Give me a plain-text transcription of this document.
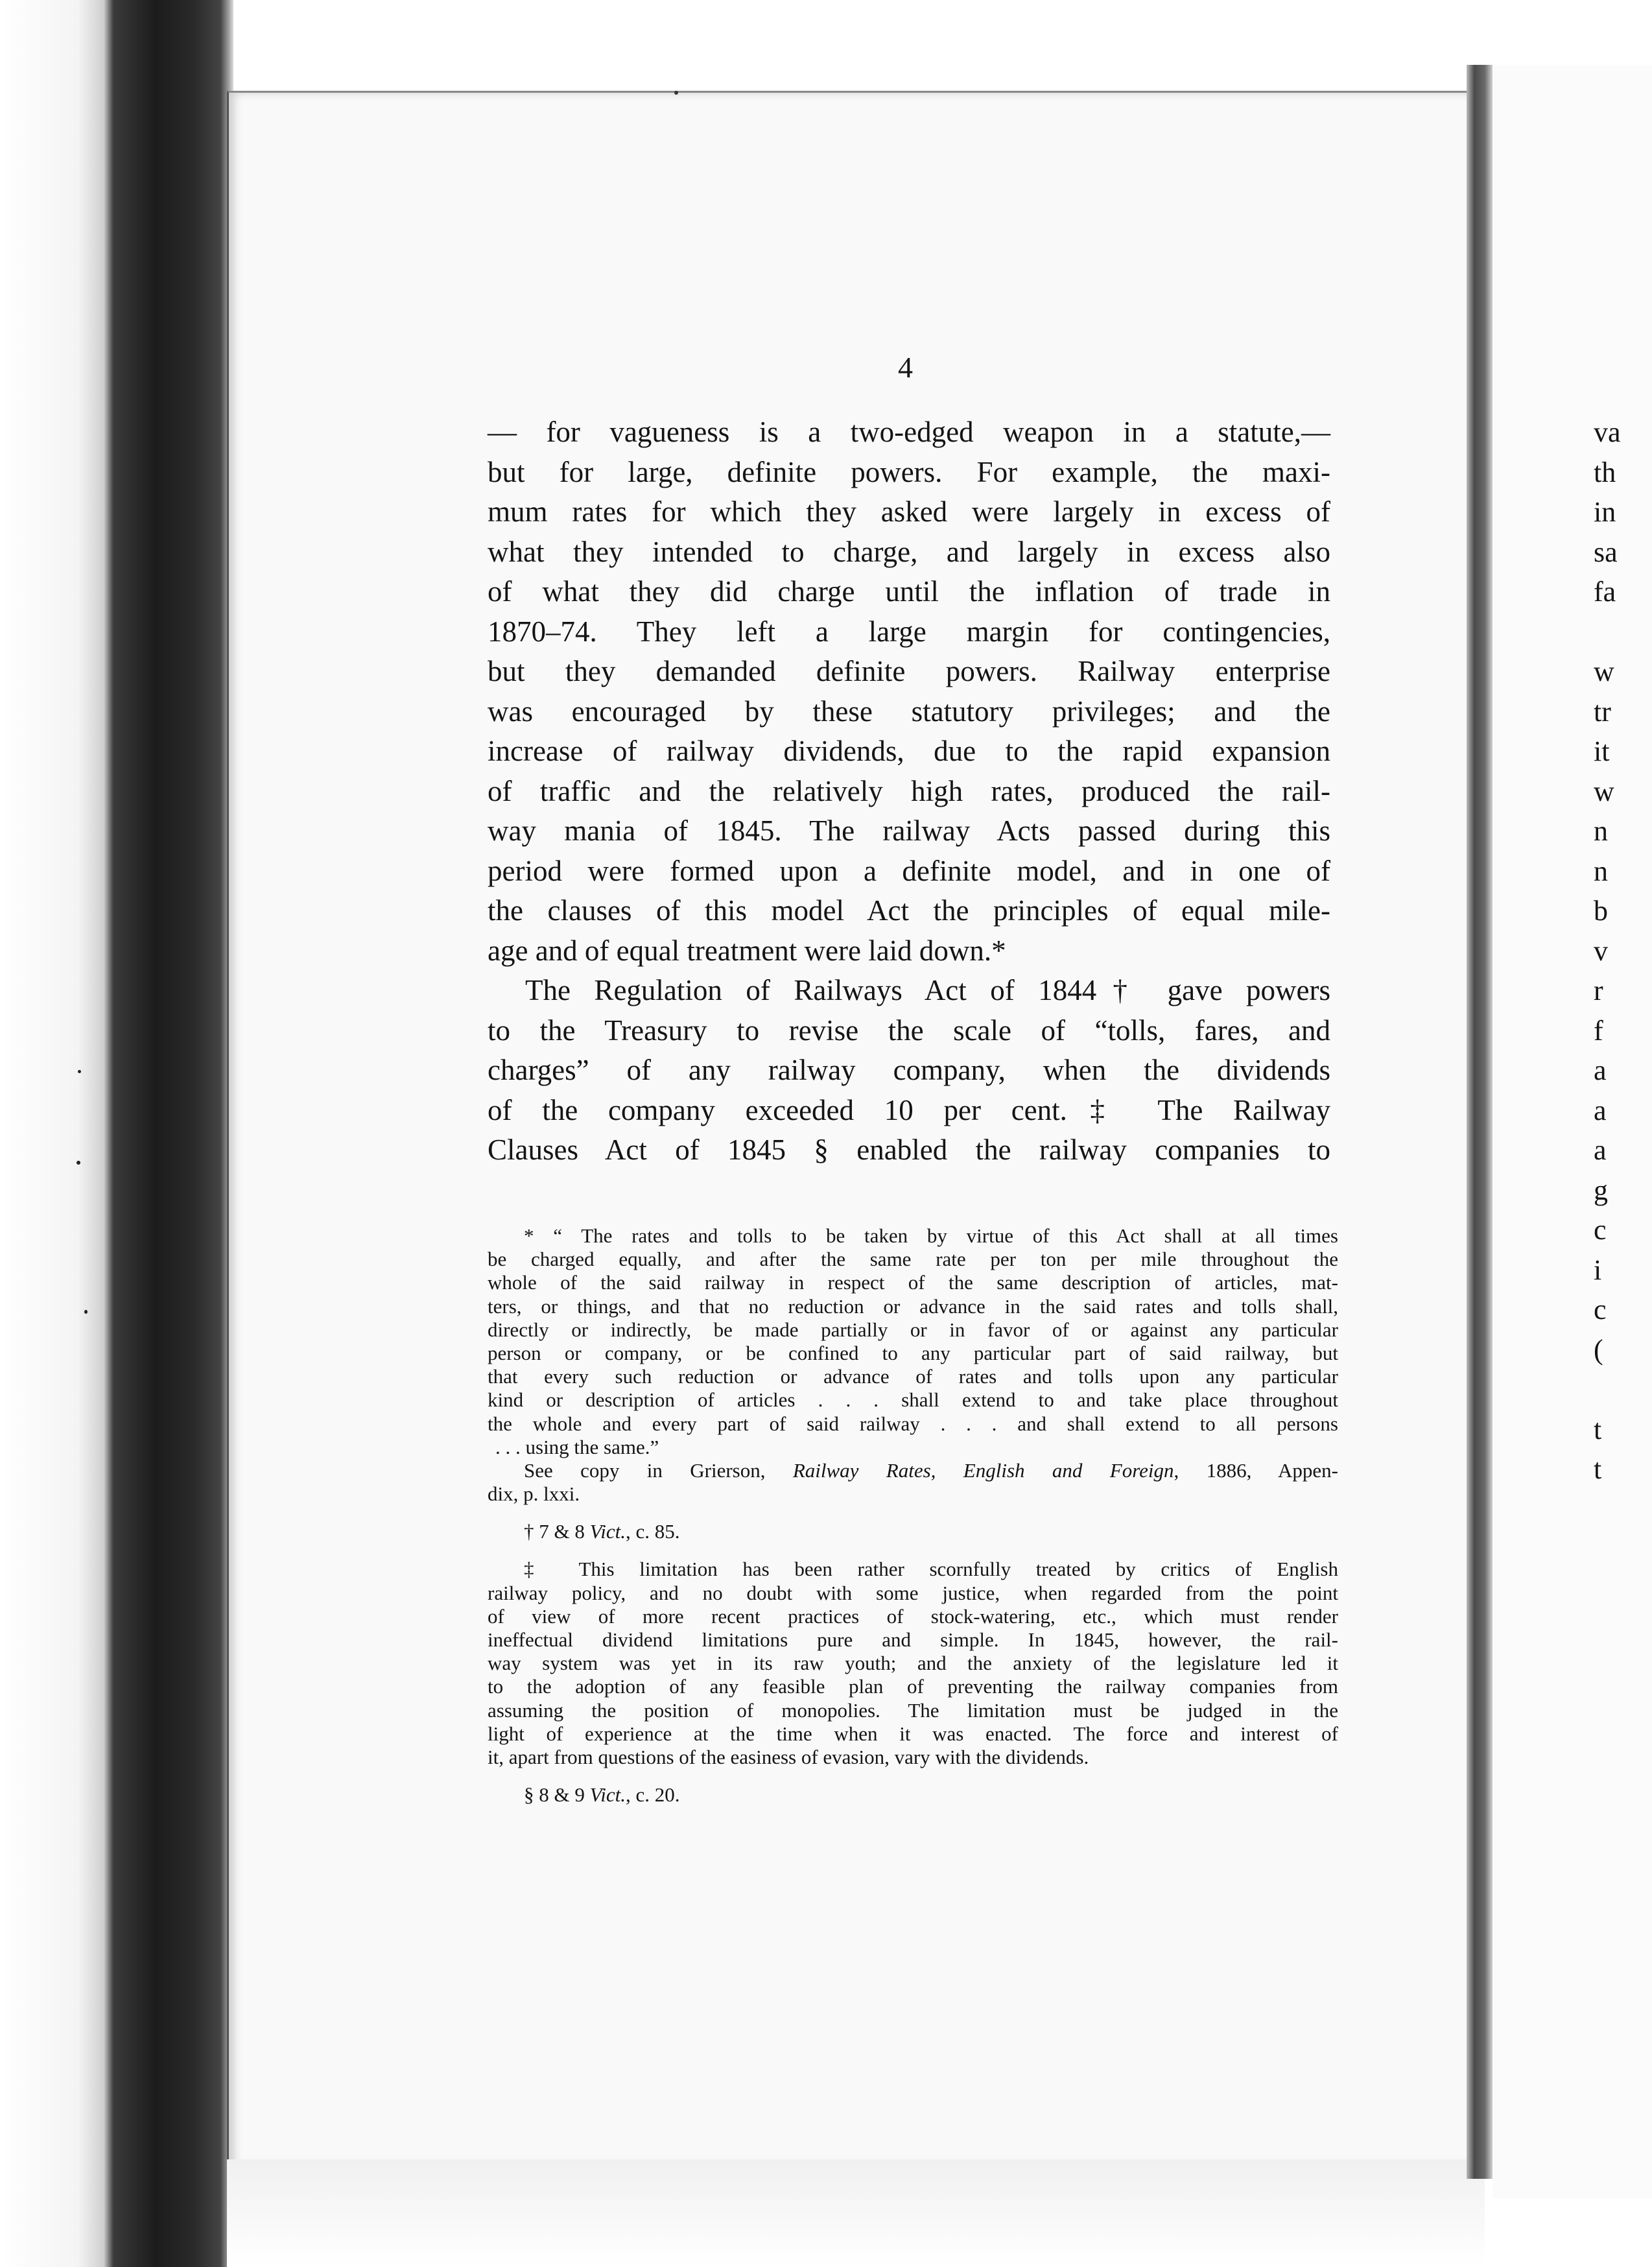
va
th
in
sa
fa
w
tr
it
w
n
n
b
v
r
f
a
a
a
g
c
i
c
(
t
t

4

— for vagueness is a two-edged weapon in a statute,—
but for large, definite powers. For example, the maxi-
mum rates for which they asked were largely in excess of
what they intended to charge, and largely in excess also
of what they did charge until the inflation of trade in
1870–74. They left a large margin for contingencies,
but they demanded definite powers. Railway enterprise
was encouraged by these statutory privileges; and the
increase of railway dividends, due to the rapid expansion
of traffic and the relatively high rates, produced the rail-
way mania of 1845. The railway Acts passed during this
period were formed upon a definite model, and in one of
the clauses of this model Act the principles of equal mile-
age and of equal treatment were laid down.*
The Regulation of Railways Act of 1844† gave powers
to the Treasury to revise the scale of “tolls, fares, and
charges” of any railway company, when the dividends
of the company exceeded 10 per cent.‡ The Railway
Clauses Act of 1845 § enabled the railway companies to
* “ The rates and tolls to be taken by virtue of this Act shall at all times
be charged equally, and after the same rate per ton per mile throughout the
whole of the said railway in respect of the same description of articles, mat-
ters, or things, and that no reduction or advance in the said rates and tolls shall,
directly or indirectly, be made partially or in favor of or against any particular
person or company, or be confined to any particular part of said railway, but
that every such reduction or advance of rates and tolls upon any particular
kind or description of articles . . . shall extend to and take place throughout
the whole and every part of said railway . . . and shall extend to all persons
. . . using the same.”
See copy in Grierson, Railway Rates, English and Foreign, 1886, Appen-
dix, p. lxxi.
† 7 & 8 Vict., c. 85.
‡ This limitation has been rather scornfully treated by critics of English
railway policy, and no doubt with some justice, when regarded from the point
of view of more recent practices of stock-watering, etc., which must render
ineffectual dividend limitations pure and simple. In 1845, however, the rail-
way system was yet in its raw youth; and the anxiety of the legislature led it
to the adoption of any feasible plan of preventing the railway companies from
assuming the position of monopolies. The limitation must be judged in the
light of experience at the time when it was enacted. The force and interest of
it, apart from questions of the easiness of evasion, vary with the dividends.
§ 8 & 9 Vict., c. 20.
